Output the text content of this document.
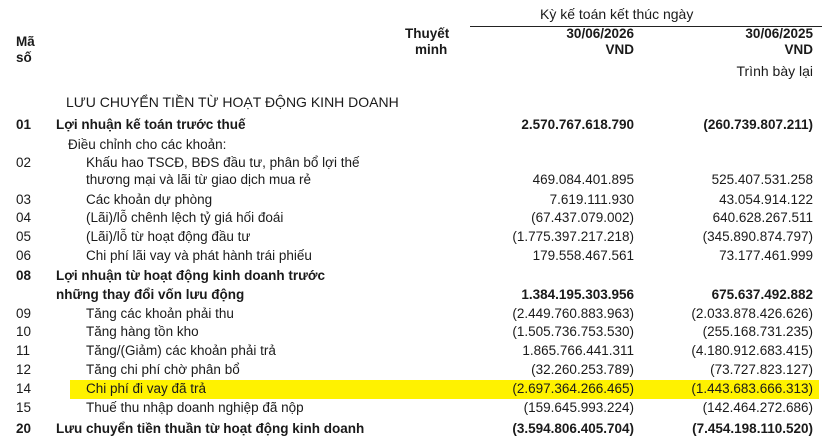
Kỳ kế toán kết thúc ngày
Mã
số
Thuyết
minh
30/06/2026
VND
30/06/2025
VND
Trình bày lại
LƯU CHUYỂN TIỀN TỪ HOẠT ĐỘNG KINH DOANH
01	Lợi nhuận kế toán trước thuế	2.570.767.618.790	(260.739.807.211)
Điều chỉnh cho các khoản:
02	Khấu hao TSCĐ, BĐS đầu tư, phân bổ lợi thế
thương mại và lãi từ giao dịch mua rẻ	469.084.401.895	525.407.531.258
03	Các khoản dự phòng	7.619.111.930	43.054.914.122
04	(Lãi)/lỗ chênh lệch tỷ giá hối đoái	(67.437.079.002)	640.628.267.511
05	(Lãi)/lỗ từ hoạt động đầu tư	(1.775.397.217.218)	(345.890.874.797)
06	Chi phí lãi vay và phát hành trái phiếu	179.558.467.561	73.177.461.999
08	Lợi nhuận từ hoạt động kinh doanh trước
những thay đổi vốn lưu động	1.384.195.303.956	675.637.492.882
09	Tăng các khoản phải thu	(2.449.760.883.963)	(2.033.878.426.626)
10	Tăng hàng tồn kho	(1.505.736.753.530)	(255.168.731.235)
11	Tăng/(Giảm) các khoản phải trả	1.865.766.441.311	(4.180.912.683.415)
12	Tăng chi phí chờ phân bổ	(32.260.253.789)	(73.727.823.127)
14	Chi phí đi vay đã trả	(2.697.364.266.465)	(1.443.683.666.313)
15	Thuế thu nhập doanh nghiệp đã nộp	(159.645.993.224)	(142.464.272.686)
20	Lưu chuyển tiền thuần từ hoạt động kinh doanh	(3.594.806.405.704)	(7.454.198.110.520)
